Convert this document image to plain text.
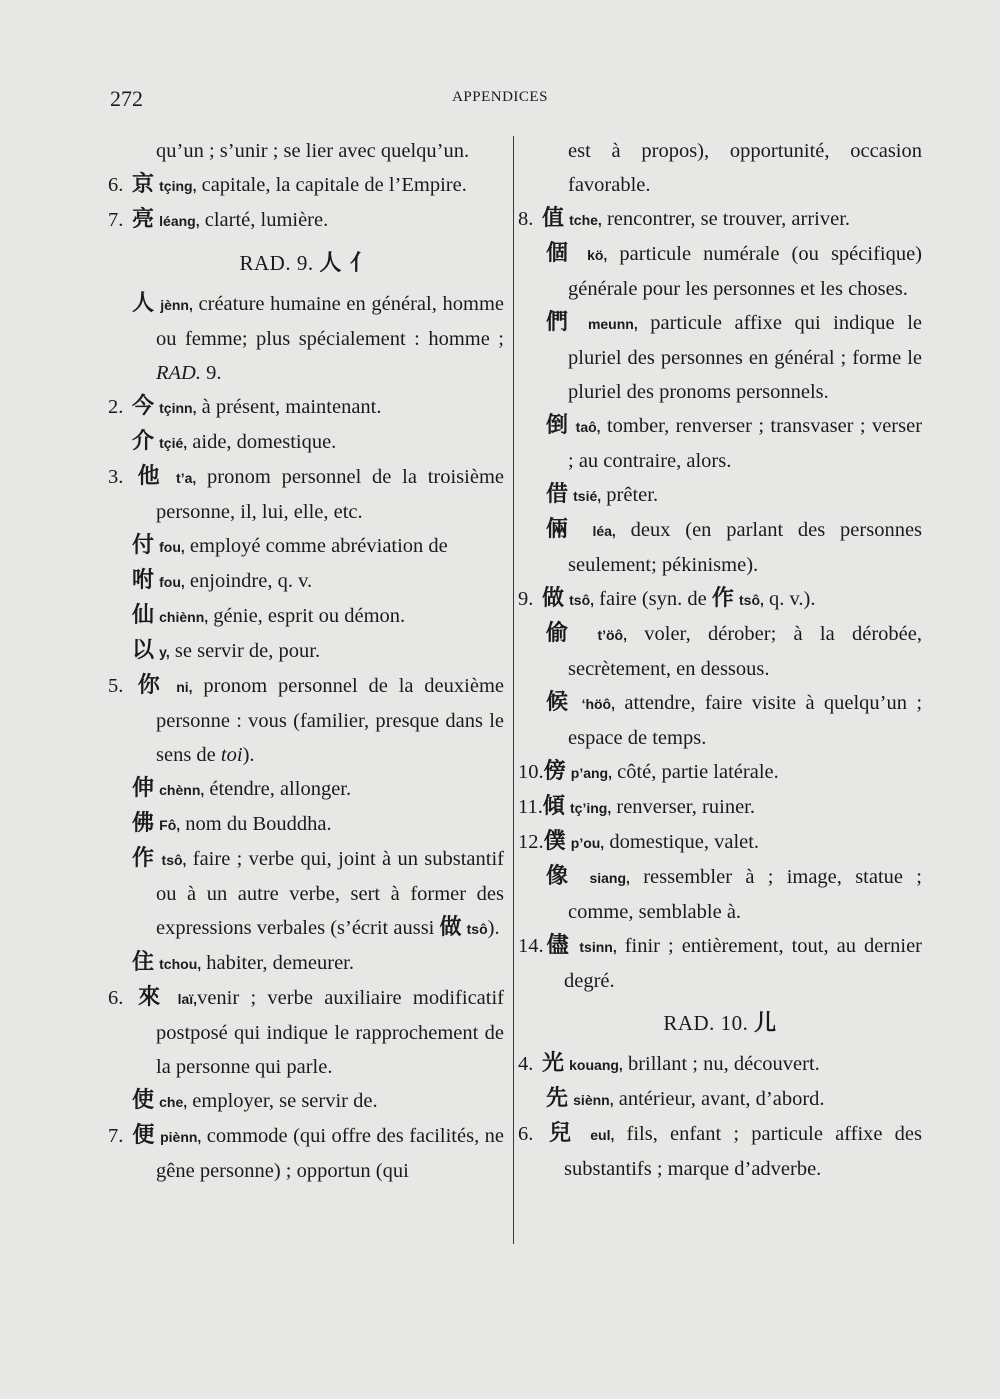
272	APPENDICES
qu’un ; s’unir ; se lier avec quelqu’un.
6. 京 tçing, capitale, la capitale de l’Empire.
7. 亮 léang, clarté, lumière.
RAD. 9. 人 亻
人 jènn, créature humaine en général, homme ou femme; plus spécialement : homme ; RAD. 9.
2. 今 tçinn, à présent, maintenant.
介 tçié, aide, domestique.
3. 他 t’a, pronom personnel de la troisième personne, il, lui, elle, etc.
付 fou, employé comme abréviation de
咐 fou, enjoindre, q. v.
仙 chiènn, génie, esprit ou démon.
以 y, se servir de, pour.
5. 你 ni, pronom personnel de la deuxième personne : vous (familier, presque dans le sens de toi).
伸 chènn, étendre, allonger.
佛 Fô, nom du Bouddha.
作 tsô, faire ; verbe qui, joint à un substantif ou à un autre verbe, sert à former des expressions verbales (s’écrit aussi 做 tsô).
住 tchou, habiter, demeurer.
6. 來 laï,venir ; verbe auxiliaire modificatif postposé qui indique le rapprochement de la personne qui parle.
使 che, employer, se servir de.
7. 便 piènn, commode (qui offre des facilités, ne gêne personne) ; opportun (qui
est à propos), opportunité, occasion favorable.
8. 值 tche, rencontrer, se trouver, arriver.
個 kö, particule numérale (ou spécifique) générale pour les personnes et les choses.
們 meunn, particule affixe qui indique le pluriel des personnes en général ; forme le pluriel des pronoms personnels.
倒 taô, tomber, renverser ; transvaser ; verser ; au contraire, alors.
借 tsié, prêter.
倆 léa, deux (en parlant des personnes seulement; pékinisme).
9. 做 tsô, faire (syn. de 作 tsô, q. v.).
偷 t’öô, voler, dérober; à la dérobée, secrètement, en dessous.
候 ‘höô, attendre, faire visite à quelqu’un ; espace de temps.
10.傍 p’ang, côté, partie latérale.
11.傾 tç’ing, renverser, ruiner.
12.僕 p’ou, domestique, valet.
像 siang, ressembler à ; image, statue ; comme, semblable à.
14.儘 tsinn, finir ; entièrement, tout, au dernier degré.
RAD. 10. 儿
4. 光 kouang, brillant ; nu, découvert.
先 siènn, antérieur, avant, d’abord.
6. 兒 eul, fils, enfant ; particule affixe des substantifs ; marque d’adverbe.
